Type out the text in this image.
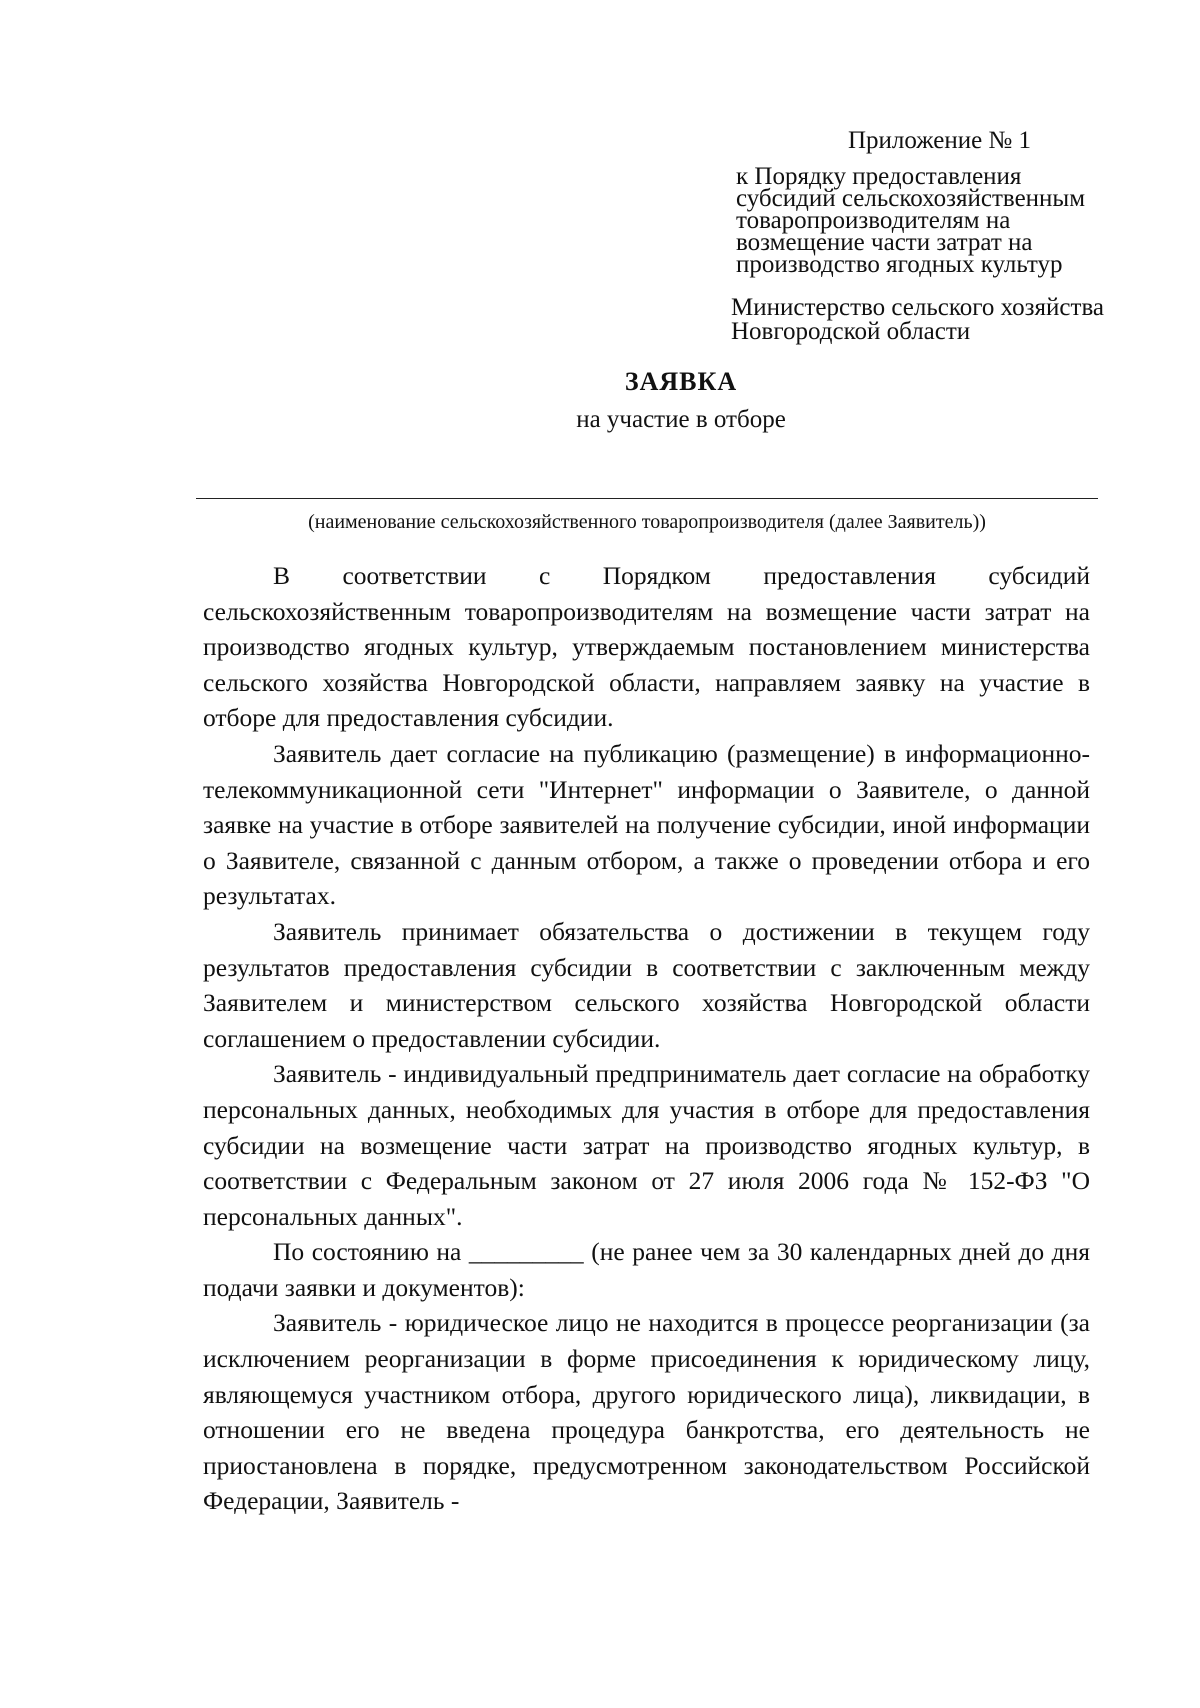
Приложение № 1
к Порядку предоставления
субсидий сельскохозяйственным
товаропроизводителям на
возмещение части затрат на
производство ягодных культур
Министерство сельского хозяйства
Новгородской области
ЗАЯВКА
на участие в отборе
(наименование сельскохозяйственного товаропроизводителя (далее Заявитель))

В соответствии с Порядком предоставления субсидий сельскохозяйственным товаропроизводителям на возмещение части затрат на производство ягодных культур, утверждаемым постановлением министерства сельского хозяйства Новгородской области, направляем заявку на участие в отборе для предоставления субсидии.

Заявитель дает согласие на публикацию (размещение) в информационно-телекоммуникационной сети "Интернет" информации о Заявителе, о данной заявке на участие в отборе заявителей на получение субсидии, иной информации о Заявителе, связанной с данным отбором, а также о проведении отбора и его результатах.

Заявитель принимает обязательства о достижении в текущем году результатов предоставления субсидии в соответствии с заключенным между Заявителем и министерством сельского хозяйства Новгородской области соглашением о предоставлении субсидии.

Заявитель - индивидуальный предприниматель дает согласие на обработку персональных данных, необходимых для участия в отборе для предоставления субсидии на возмещение части затрат на производство ягодных культур, в соответствии с Федеральным законом от 27 июля 2006 года № 152-ФЗ "О персональных данных".

По состоянию на _________ (не ранее чем за 30 календарных дней до дня подачи заявки и документов):

Заявитель - юридическое лицо не находится в процессе реорганизации (за исключением реорганизации в форме присоединения к юридическому лицу, являющемуся участником отбора, другого юридического лица), ликвидации, в отношении его не введена процедура банкротства, его деятельность не приостановлена в порядке, предусмотренном законодательством Российской Федерации, Заявитель -
